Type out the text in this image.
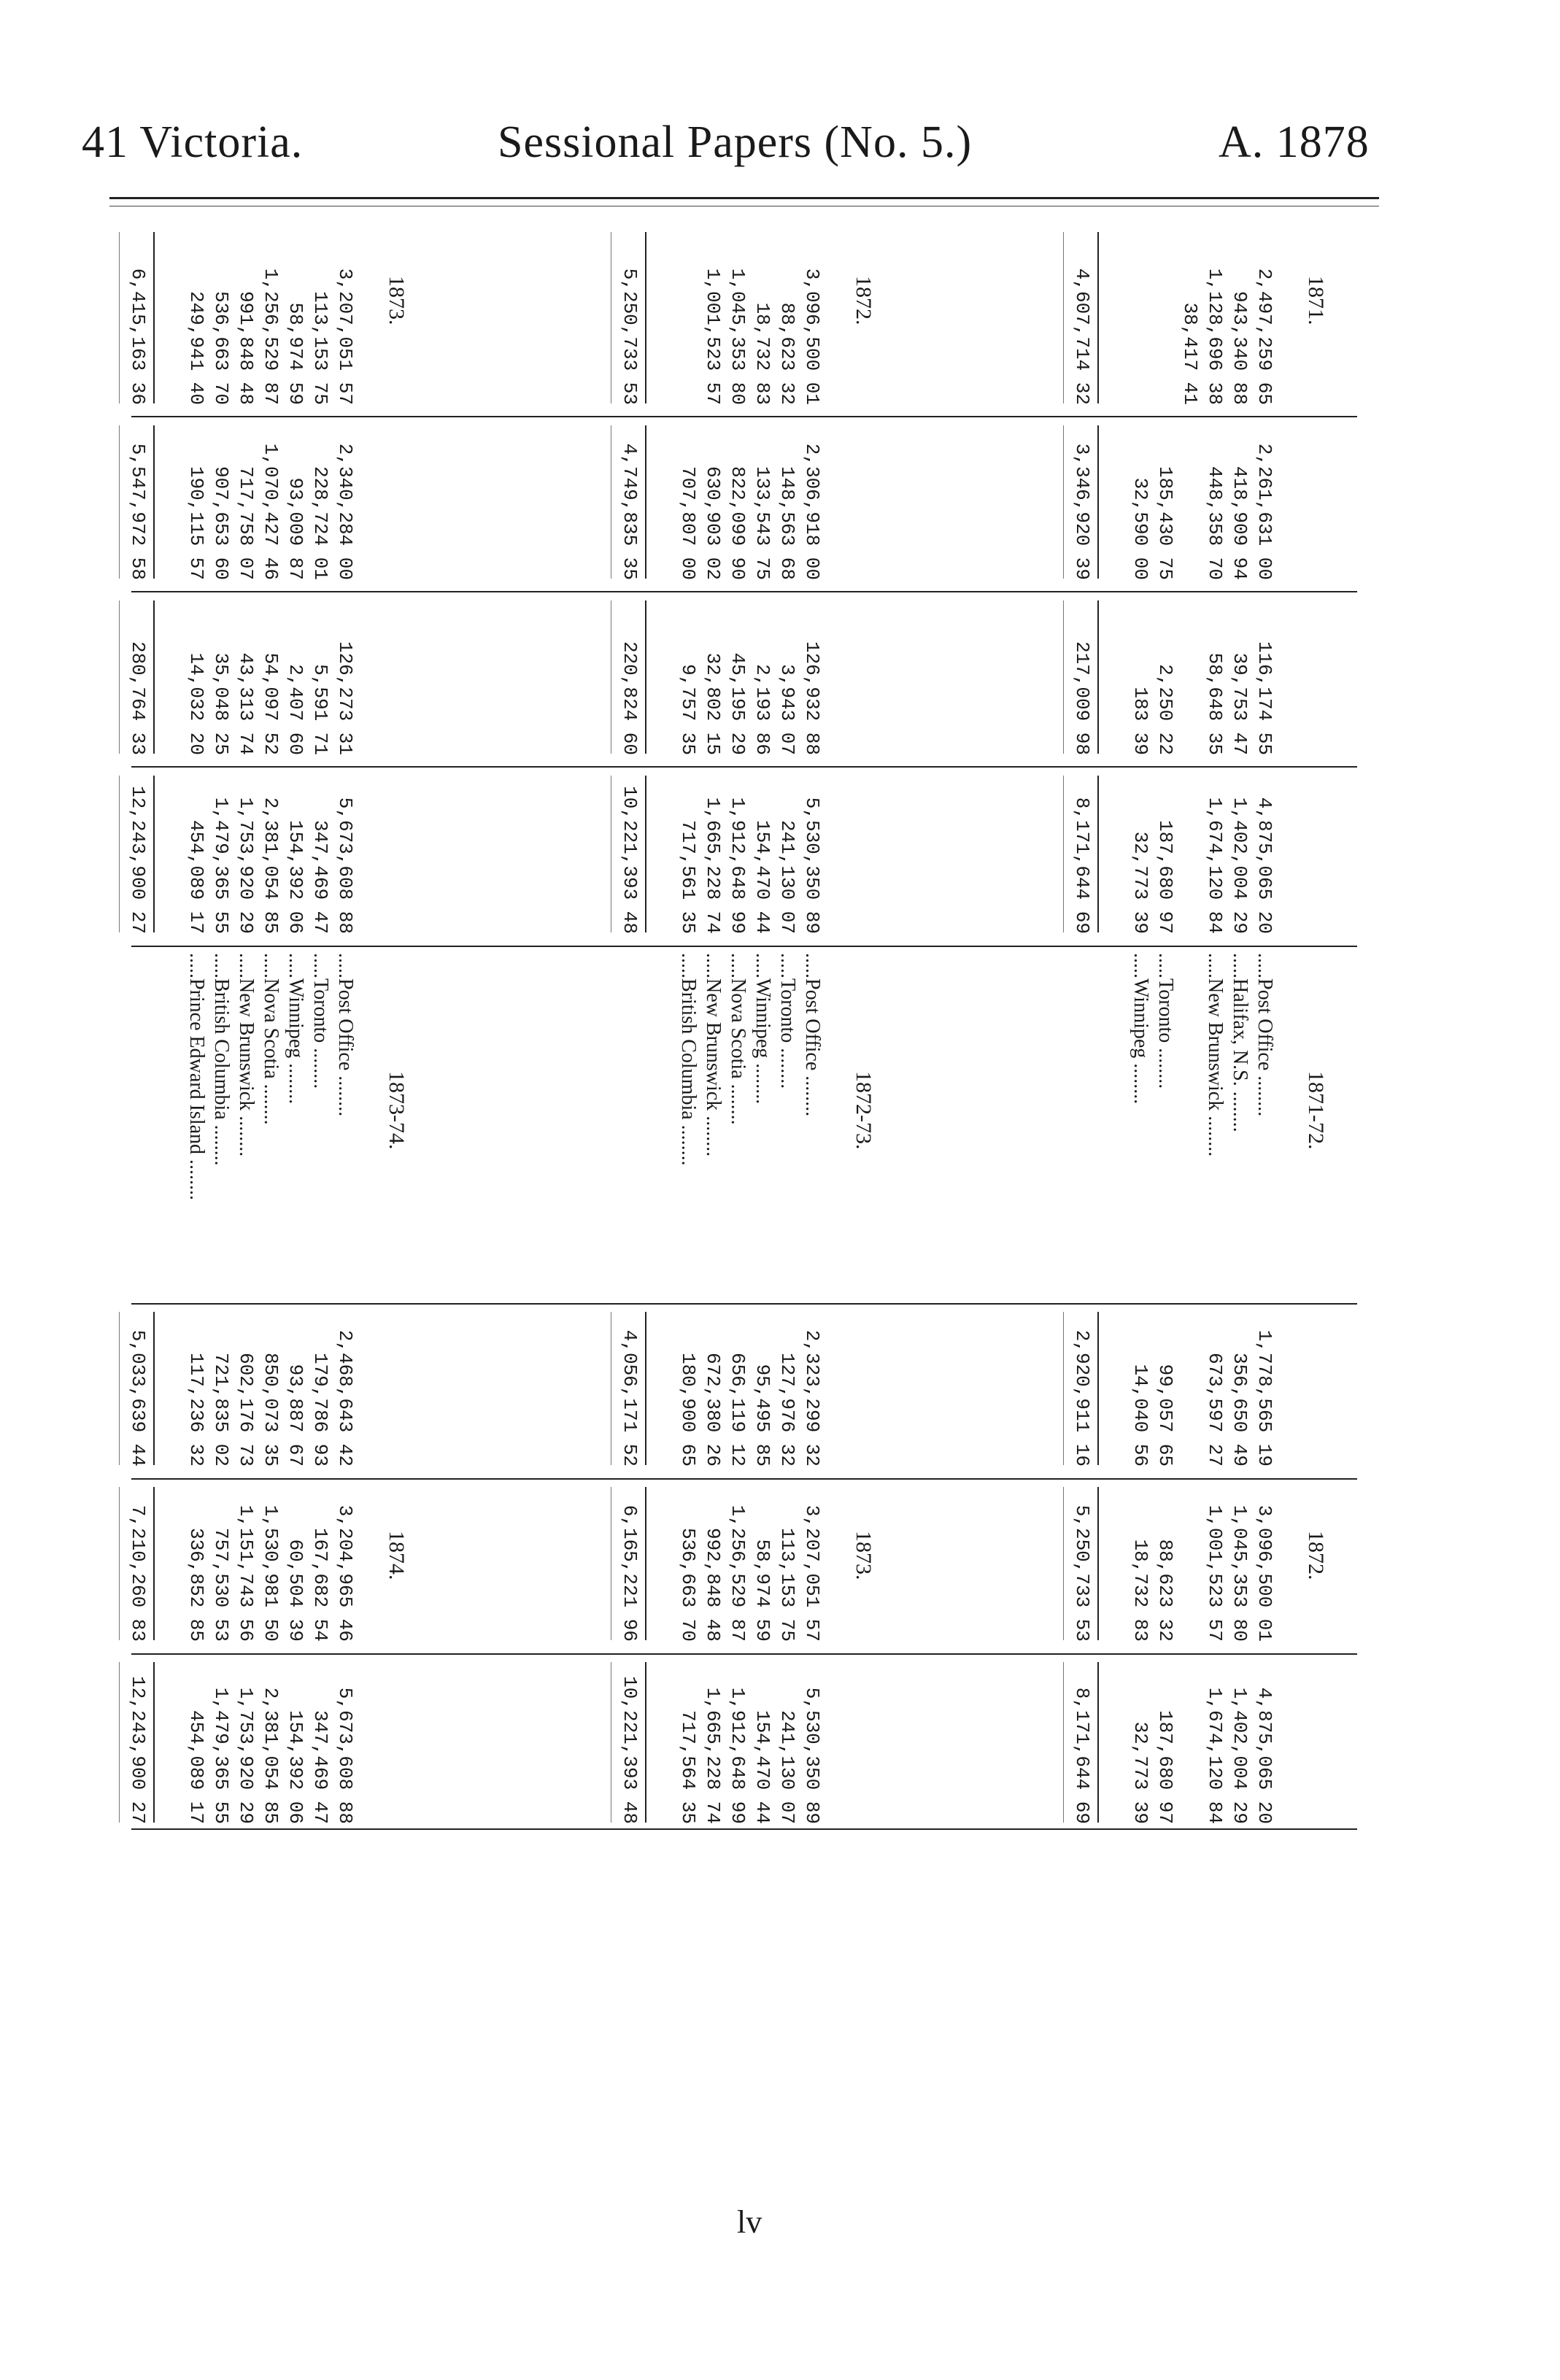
41 Victoria.	Sessional Papers (No. 5.)	A. 1878
2,497,259 65
943,340 88
1,128,696 38
38,417 41
4,607,714 32
2,261,631 00
418,909 94
448,358 70
185,430 75
32,590 00
3,346,920 39
116,174 55
39,753 47
58,648 35
2,250 22
183 39
217,009 98
4,875,065 20
1,402,004 29
1,674,120 84
187,680 97
32,773 39
8,171,644 69
.....Post Office ........
.....Halifax, N.S. ........
.....New Brunswick ........
.....Toronto ........
.....Winnipeg ........
1,778,565 19
356,650 49
673,597 27
99,057 65
14,040 56
2,920,911 16
3,096,500 01
1,045,353 80
1,001,523 57
88,623 32
18,732 83
5,250,733 53
4,875,065 20
1,402,004 29
1,674,120 84
187,680 97
32,773 39
8,171,644 69
1871.
1871-72.
1872.
3,096,500 01
88,623 32
18,732 83
1,045,353 80
1,001,523 57
5,250,733 53
2,306,918 00
148,563 68
133,543 75
822,099 90
630,903 02
707,807 00
4,749,835 35
126,932 88
3,943 07
2,193 86
45,195 29
32,802 15
9,757 35
220,824 60
5,530,350 89
241,130 07
154,470 44
1,912,648 99
1,665,228 74
717,561 35
10,221,393 48
.....Post Office ........
.....Toronto ........
.....Winnipeg ........
.....Nova Scotia ........
.....New Brunswick ........
.....British Columbia ........
2,323,299 32
127,976 32
95,495 85
656,119 12
672,380 26
180,900 65
4,056,171 52
3,207,051 57
113,153 75
58,974 59
1,256,529 87
992,848 48
536,663 70
6,165,221 96
5,530,350 89
241,130 07
154,470 44
1,912,648 99
1,665,228 74
717,564 35
10,221,393 48
1872.
1872-73.
1873.
3,207,051 57
113,153 75
58,974 59
1,256,529 87
991,848 48
536,663 70
249,941 40
6,415,163 36
2,340,284 00
228,724 01
93,009 87
1,070,427 46
717,758 07
907,653 60
190,115 57
5,547,972 58
126,273 31
5,591 71
2,407 60
54,097 52
43,313 74
35,048 25
14,032 20
280,764 33
5,673,608 88
347,469 47
154,392 06
2,381,054 85
1,753,920 29
1,479,365 55
454,089 17
12,243,900 27
.....Post Office ........
.....Toronto ........
.....Winnipeg ........
.....Nova Scotia ........
.....New Brunswick ........
.....British Columbia ........
.....Prince Edward Island ........
2,468,643 42
179,786 93
93,887 67
850,073 35
602,176 73
721,835 02
117,236 32
5,033,639 44
3,204,965 46
167,682 54
60,504 39
1,530,981 50
1,151,743 56
757,530 53
336,852 85
7,210,260 83
5,673,608 88
347,469 47
154,392 06
2,381,054 85
1,753,920 29
1,479,365 55
454,089 17
12,243,900 27
1873.
1873-74.
1874.
lv
